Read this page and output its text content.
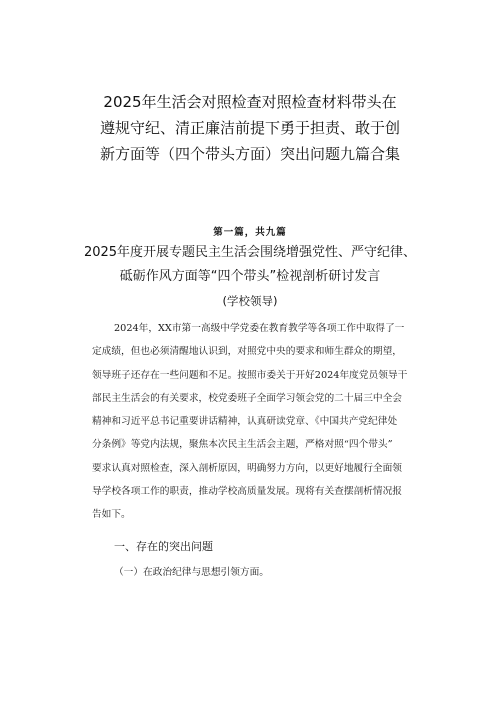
2025年生活会对照检查对照检查材料带头在
遵规守纪、清正廉洁前提下勇于担责、敢于创
新方面等（四个带头方面）突出问题九篇合集
第一篇，共九篇
2025年度开展专题民主生活会围绕增强党性、严守纪律、
砥砺作风方面等“四个带头”检视剖析研讨发言
(学校领导)
2024年，XX市第一高级中学党委在教育教学等各项工作中取得了一
定成绩，但也必须清醒地认识到，对照党中央的要求和师生群众的期望，
领导班子还存在一些问题和不足。按照市委关于开好2024年度党员领导干
部民主生活会的有关要求，校党委班子全面学习领会党的二十届三中全会
精神和习近平总书记重要讲话精神，认真研读党章、《中国共产党纪律处
分条例》等党内法规，聚焦本次民主生活会主题，严格对照“四个带头”
要求认真对照检查，深入剖析原因，明确努力方向，以更好地履行全面领
导学校各项工作的职责，推动学校高质量发展。现将有关查摆剖析情况报
告如下。
一、存在的突出问题
（一）在政治纪律与思想引领方面。
